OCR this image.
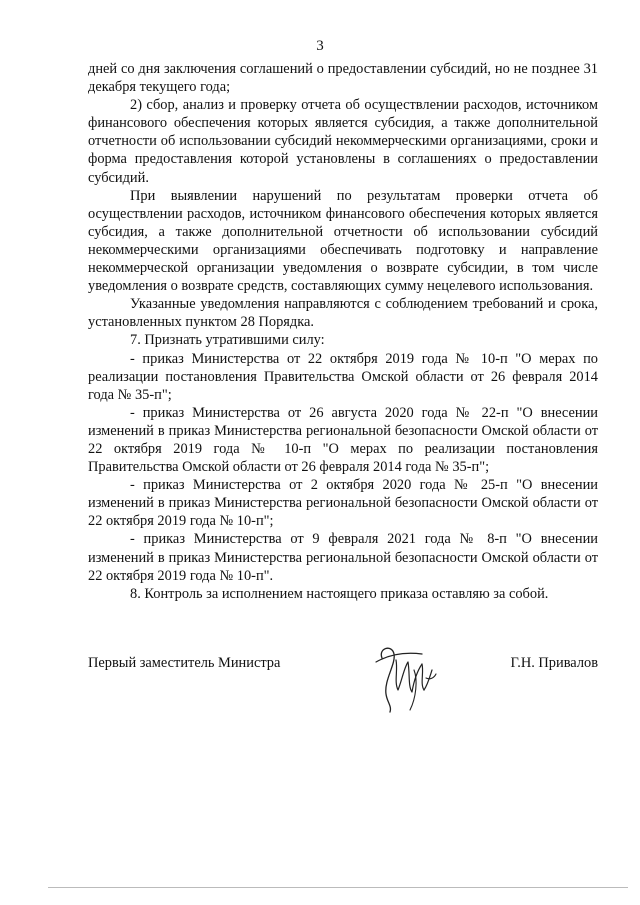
3

дней со дня заключения соглашений о предоставлении субсидий, но не позднее 31 декабря текущего года;

2) сбор, анализ и проверку отчета об осуществлении расходов, источником финансового обеспечения которых является субсидия, а также дополнительной отчетности об использовании субсидий некоммерческими организациями, сроки и форма предоставления которой установлены в соглашениях о предоставлении субсидий.

При выявлении нарушений по результатам проверки отчета об осуществлении расходов, источником финансового обеспечения которых является субсидия, а также дополнительной отчетности об использовании субсидий некоммерческими организациями обеспечивать подготовку и направление некоммерческой организации уведомления о возврате субсидии, в том числе уведомления о возврате средств, составляющих сумму нецелевого использования.

Указанные уведомления направляются с соблюдением требований и срока, установленных пунктом 28 Порядка.

7. Признать утратившими силу:

- приказ Министерства от 22 октября 2019 года № 10-п "О мерах по реализации постановления Правительства Омской области от 26 февраля 2014 года № 35-п";

- приказ Министерства от 26 августа 2020 года № 22-п "О внесении изменений в приказ Министерства региональной безопасности Омской области от 22 октября 2019 года № 10-п "О мерах по реализации постановления Правительства Омской области от 26 февраля 2014 года № 35-п";

- приказ Министерства от 2 октября 2020 года № 25-п "О внесении изменений в приказ Министерства региональной безопасности Омской области от 22 октября 2019 года № 10-п";

- приказ Министерства от 9 февраля 2021 года № 8-п "О внесении изменений в приказ Министерства региональной безопасности Омской области от 22 октября 2019 года № 10-п".

8. Контроль за исполнением настоящего приказа оставляю за собой.

Первый заместитель Министра	Г.Н. Привалов
